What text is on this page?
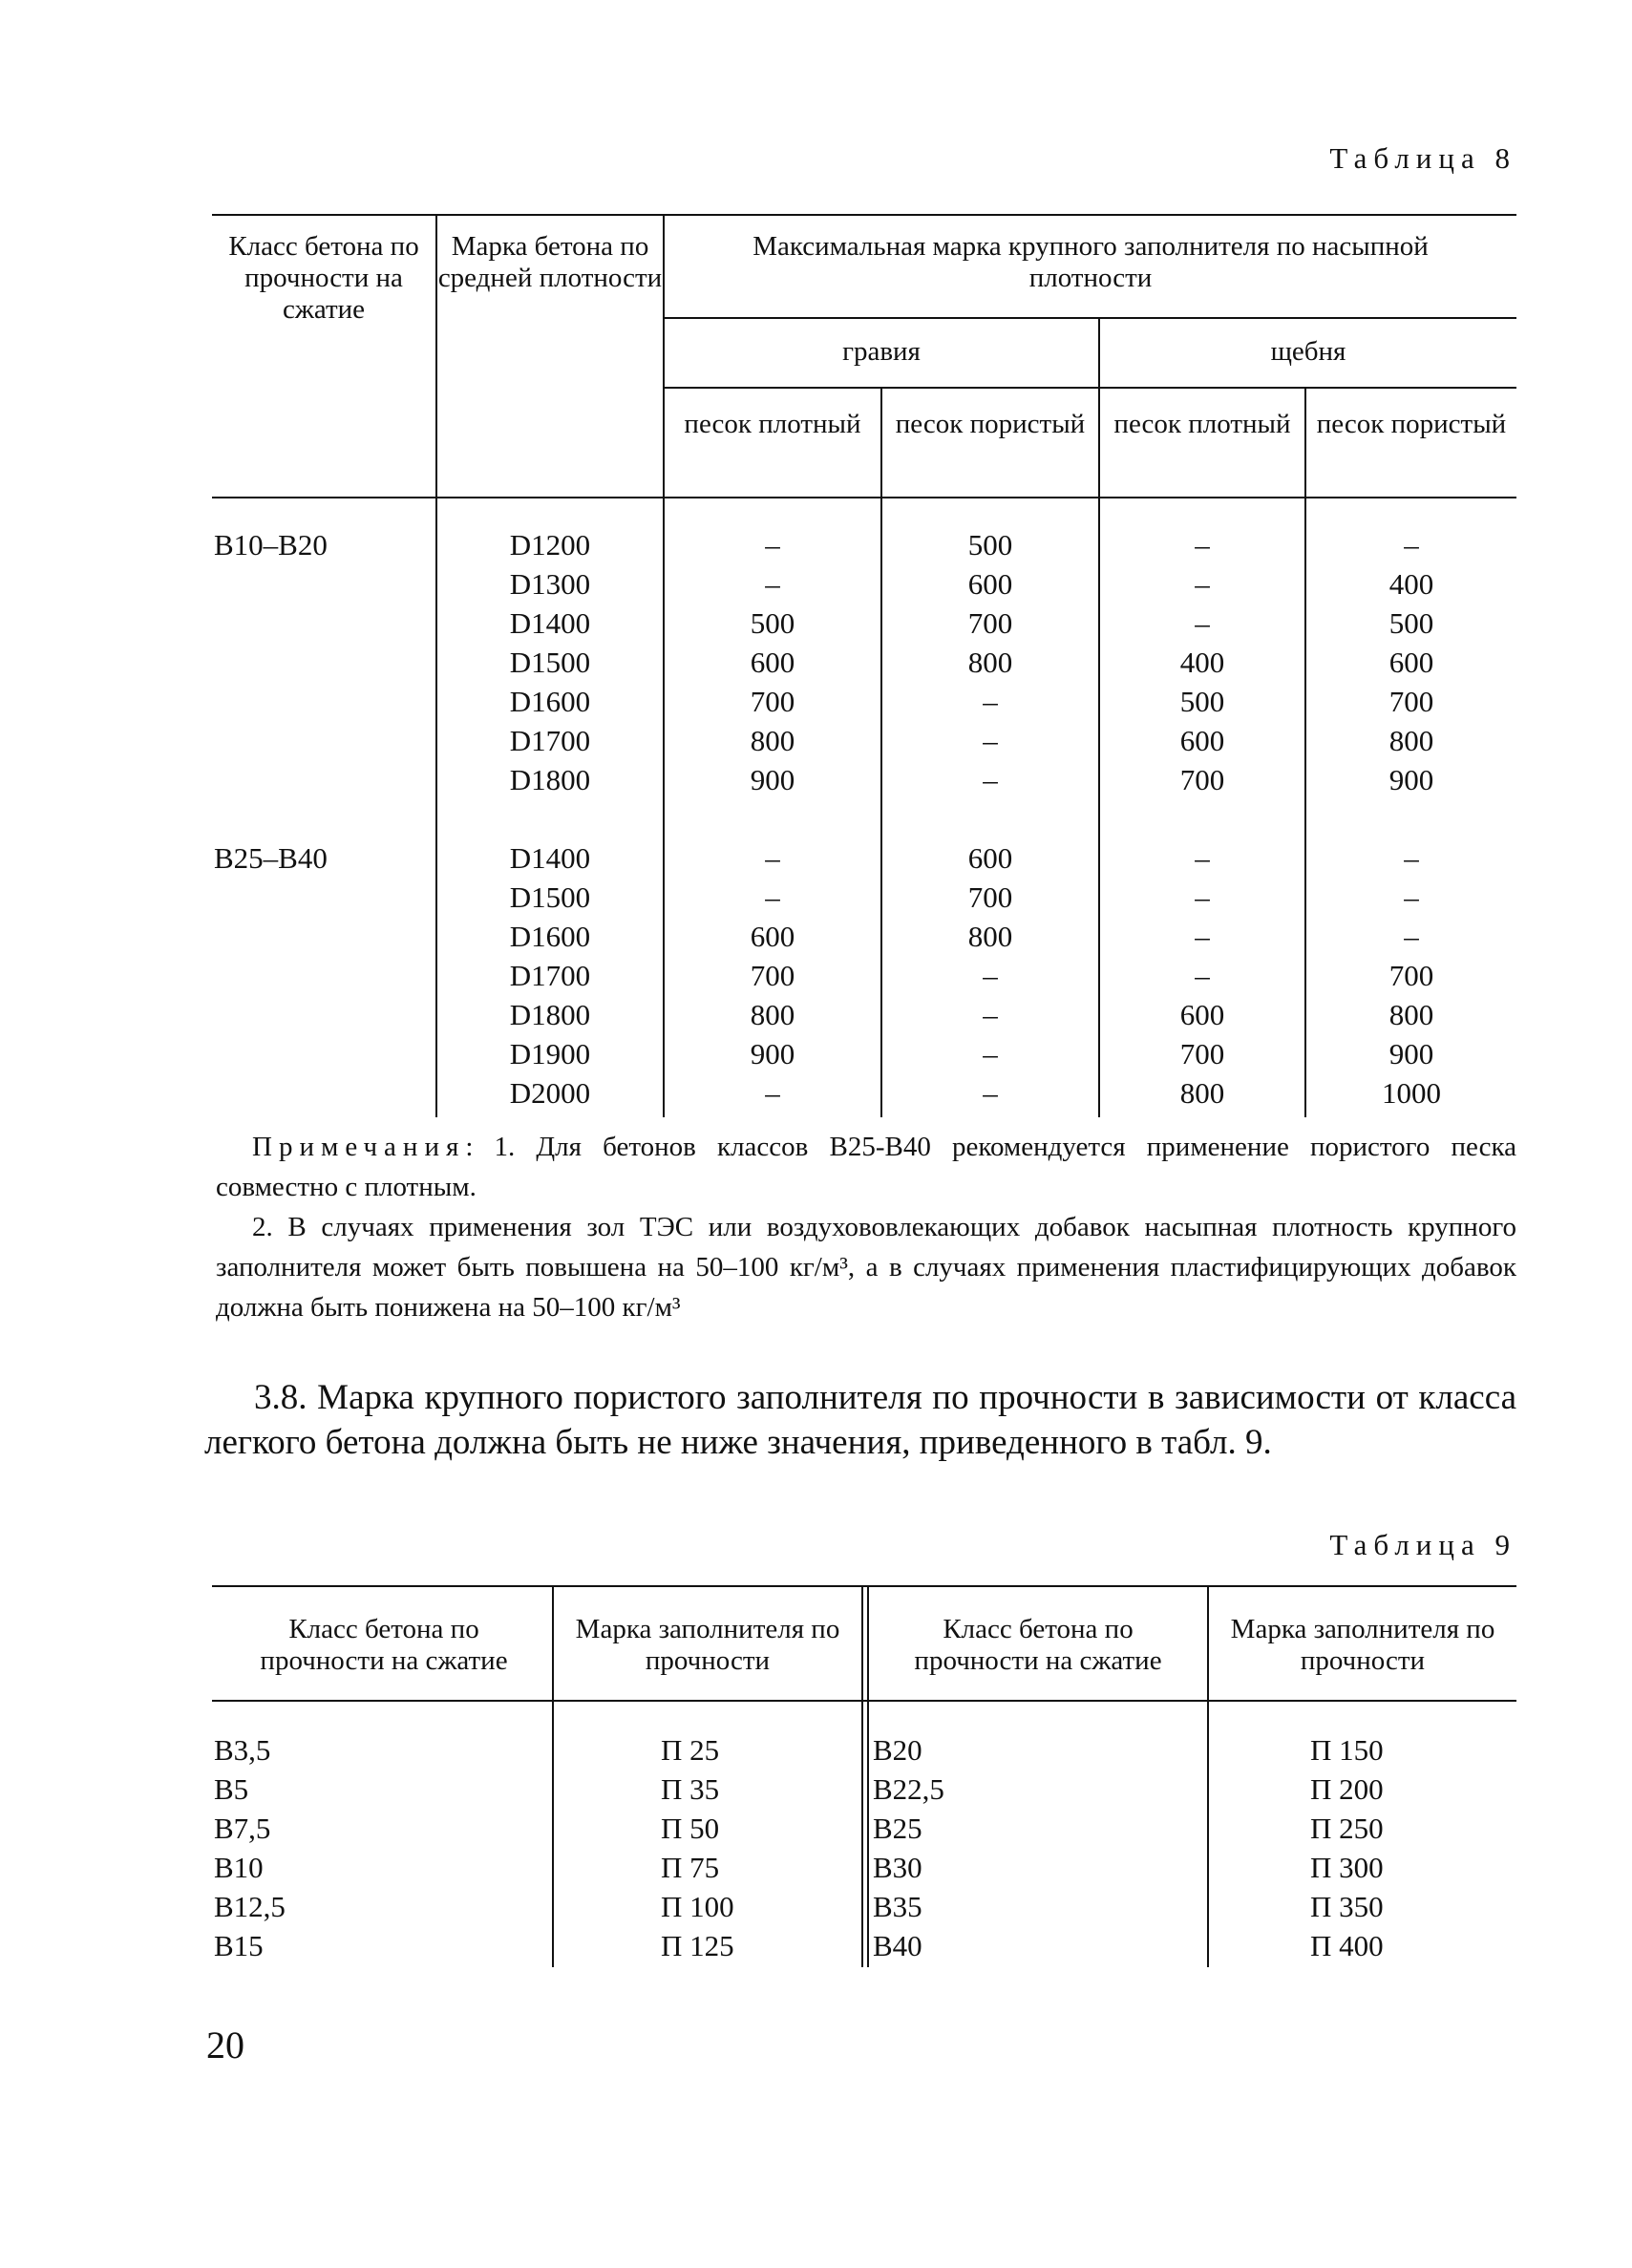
Таблица 8
Класс бетона по прочности на сжатие
Марка бетона по средней плотности
Максимальная марка крупного заполнителя по насыпной плотности
гравия	щебня
песок плотный	песок пористый	песок плотный песок пористый
В10–В20	D1200	–	500	–	–
D1300	–	600	–	400
D1400	500	700	–	500
D1500	600	800	400	600
D1600	700	–	500	700
D1700	800	–	600	800
D1800	900	–	700	900
В25–В40	D1400	–	600	–	–
D1500	–	700	–	–
D1600	600	800	–	–
D1700	700	–	–	700
D1800	800	–	600	800
D1900	900	–	700	900
D2000	–	–	800	1000

Примечания: 1. Для бетонов классов В25-В40 рекомендуется применение пористого песка совместно с плотным.

2. В случаях применения зол ТЭС или воздухововлекающих добавок насыпная плотность крупного заполнителя может быть повышена на 50–100 кг/м³, а в случаях применения пластифицирующих добавок должна быть понижена на 50–100 кг/м³

3.8. Марка крупного пористого заполнителя по прочности в зависимости от класса легкого бетона должна быть не ниже значения, приведенного в табл. 9.

Таблица 9
Класс бетона по прочности на сжатие
Марка заполнителя по прочности
Класс бетона по прочности на сжатие
Марка заполнителя по прочности
В3,5	П 25	В20	П 150
В5	П 35	В22,5	П 200
В7,5	П 50	В25	П 250
В10	П 75	В30	П 300
В12,5	П 100	В35	П 350
В15	П 125	В40	П 400
20
